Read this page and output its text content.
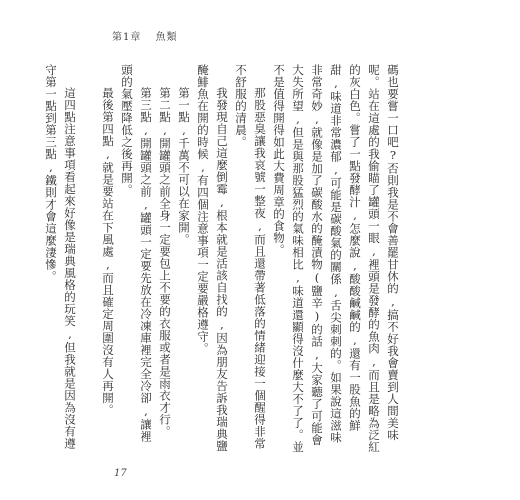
第1章 魚類

碼也要嘗一口吧?否則我是不會善罷甘休的,搞不好我會賣到人間美味呢。站在這處的我偷瞄了罐頭一眼,裡頭是發酵的魚肉,而且是略為泛紅的灰白色。嘗了一點發酵汁,怎麼說,酸酸鹹鹹的,還有一股魚的鮮甜,味道非常濃郁,可能是碳酸氣的關係,舌尖刺刺的。如果說這滋味非常奇妙,就像是加了碳酸水的醃漬物(鹽辛)的話,大家聽了可能會大失所望,但是與那股猛烈的氣味相比,味道還顯得沒什麼大不了了。並不是值得開得如此大費周章的食物。

那股惡臭讓我哀號一整夜,而且還帶著低落的情緒迎接一個醒得非常不舒服的清晨。

我發現自己這麼倒霉,根本就是活該自找的,因為朋友告訴我瑞典鹽醃鯡魚在開的時候,有四個注意事項一定要嚴格遵守。

第一點,千萬不可以在家開。

第二點,開罐頭之前全身一定要包上不要的衣服或者是雨衣才行。

第三點,開罐頭之前,罐頭一定要先放在冷凍庫裡完全冷卻,讓裡頭的氣壓降低之後再開。

最後第四點,就是要站在下風處,而且確定周圍沒有人再開。

這四點注意事項看起來好像是瑞典風格的玩笑,但我就是因為沒有遵守第一點到第三點,鐵則才會這麼淒慘。

17
